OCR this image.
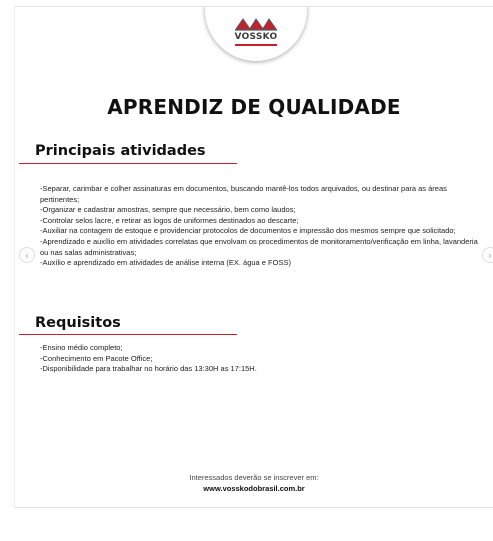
VOSSKO
APRENDIZ DE QUALIDADE
Principais atividades
-Separar, carimbar e colher assinaturas em documentos, buscando mantê-los todos arquivados, ou destinar para as áreas pertinentes;
-Organizar e cadastrar amostras, sempre que necessário, bem como laudos;
-Controlar selos lacre, e retirar as logos de uniformes destinados ao descarte;
-Auxiliar na contagem de estoque e providenciar protocolos de documentos e impressão dos mesmos sempre que solicitado;
-Aprendizado e auxílio em atividades correlatas que envolvam os procedimentos de monitoramento/verificação em linha, lavanderia ou nas salas administrativas;
-Auxílio e aprendizado em atividades de análise interna (EX. água e FOSS)
Requisitos
-Ensino médio completo;
-Conhecimento em Pacote Office;
-Disponibilidade para trabalhar no horário das 13:30H as 17:15H.
Interessados deverão se inscrever em:
www.vosskodobrasil.com.br
‹	›
